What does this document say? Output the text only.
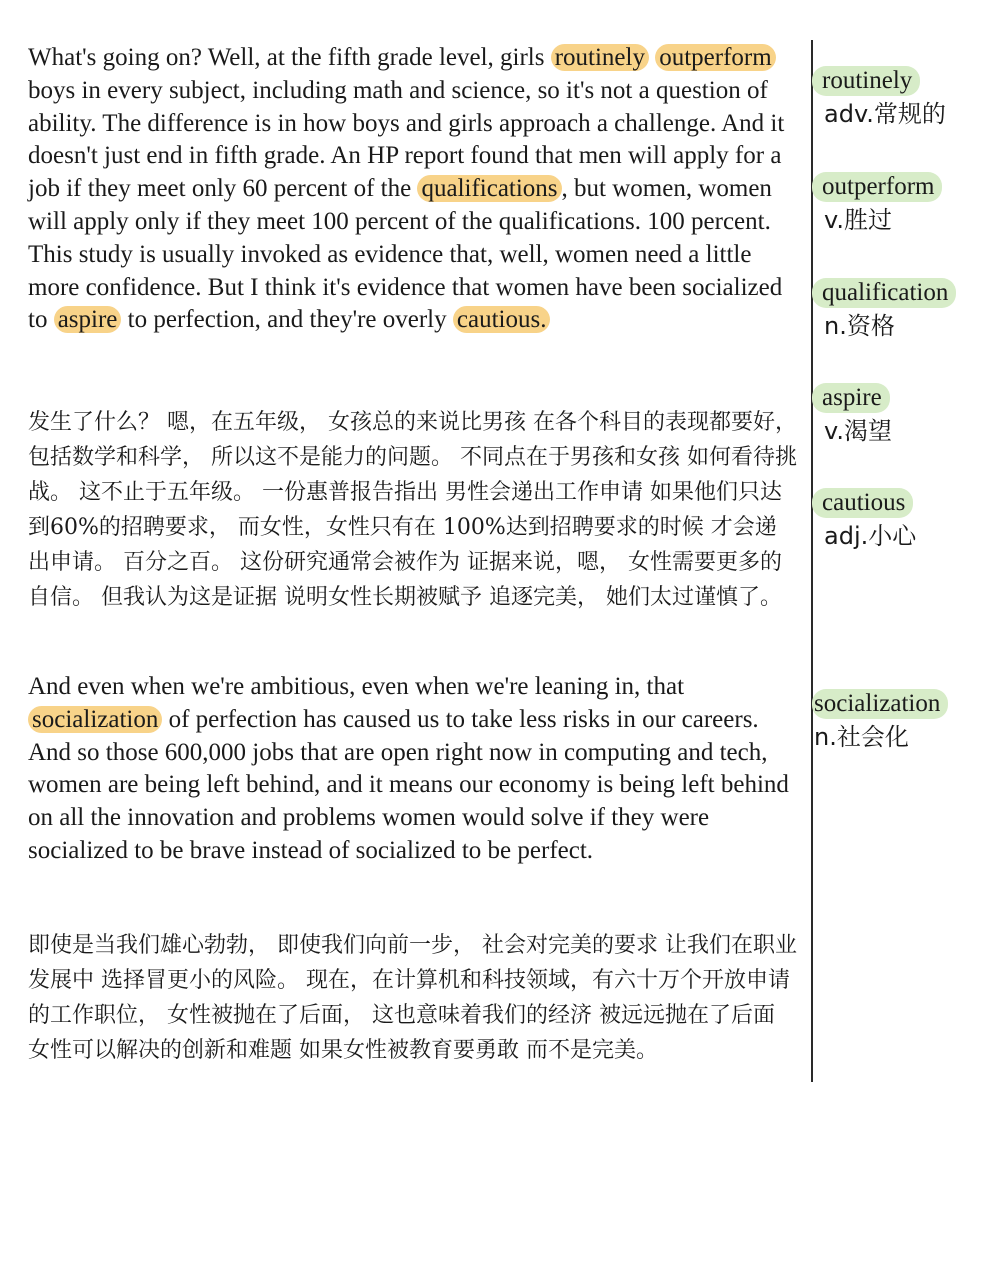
What's going on? Well, at the fifth grade level, girls routinely outperform boys in every subject, including math and science, so it's not a question of ability. The difference is in how boys and girls approach a challenge. And it doesn't just end in fifth grade. An HP report found that men will apply for a job if they meet only 60 percent of the qualifications , but women, women will apply only if they meet 100 percent of the qualifications. 100 percent. This study is usually invoked as evidence that, well, women need a little more confidence. But I think it's evidence that women have been socialized to aspire to perfection, and they're overly cautious.

发生了什么？ 嗯，在五年级， 女孩总的来说比男孩 在各个科目的表现都要好， 包括数学和科学， 所以这不是能力的问题。 不同点在于男孩和女孩 如何看待挑战。 这不止于五年级。 一份惠普报告指出 男性会递出工作申请 如果他们只达到60%的招聘要求， 而女性，女性只有在 100%达到招聘要求的时候 才会递出申请。 百分之百。 这份研究通常会被作为 证据来说，嗯， 女性需要更多的自信。 但我认为这是证据 说明女性长期被赋予 追逐完美， 她们太过谨慎了。

And even when we're ambitious, even when we're leaning in, that socialization of perfection has caused us to take less risks in our careers. And so those 600,000 jobs that are open right now in computing and tech, women are being left behind, and it means our economy is being left behind on all the innovation and problems women would solve if they were socialized to be brave instead of socialized to be perfect.

即使是当我们雄心勃勃， 即使我们向前一步， 社会对完美的要求 让我们在职业发展中 选择冒更小的风险。 现在，在计算机和科技领域，有六十万个开放申请的工作职位， 女性被抛在了后面， 这也意味着我们的经济 被远远抛在了后面 女性可以解决的创新和难题 如果女性被教育要勇敢 而不是完美。

routinely
adv.常规的
outperform
v.胜过
qualification
n.资格
aspire
v.渴望
cautious
adj.小心
socialization
n.社会化
